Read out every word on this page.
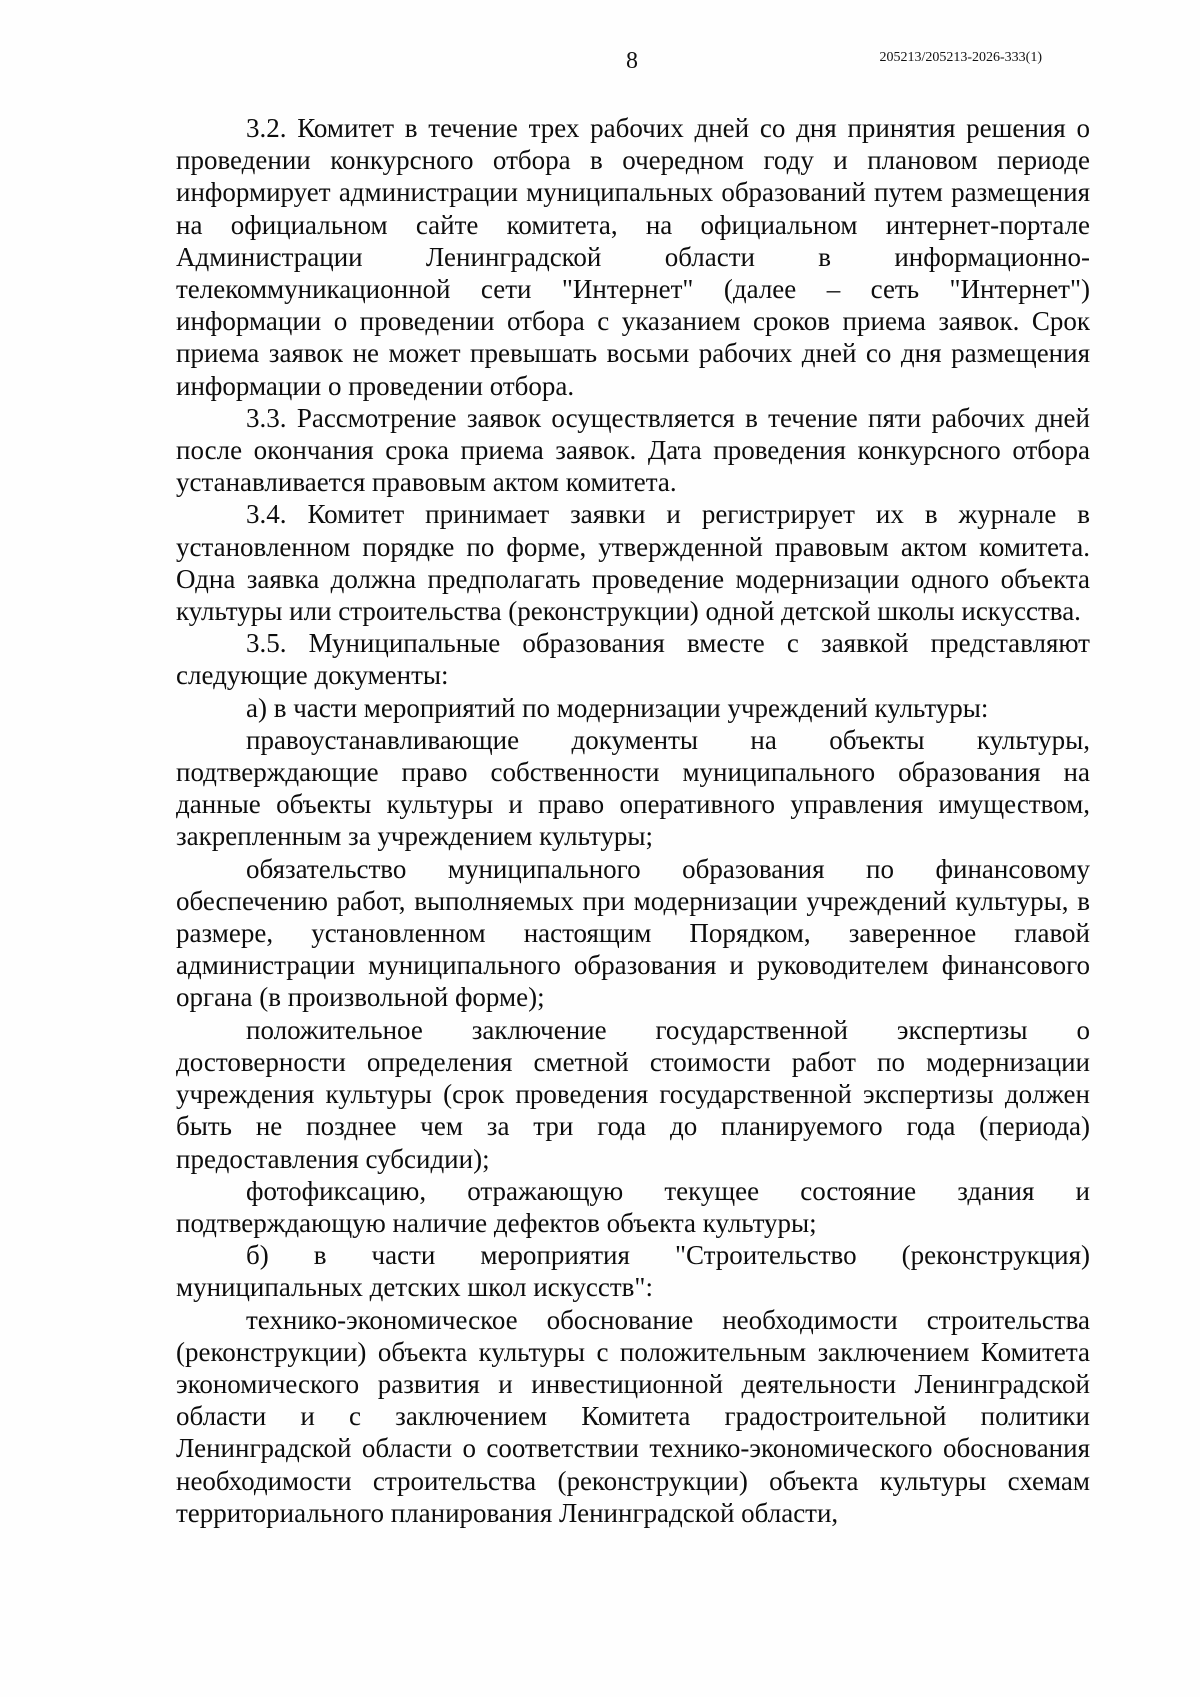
8	205213/205213-2026-333(1)

3.2. Комитет в течение трех рабочих дней со дня принятия решения о проведении конкурсного отбора в очередном году и плановом периоде информирует администрации муниципальных образований путем размещения на официальном сайте комитета, на официальном интернет-портале Администрации Ленинградской области в информационно-телекоммуникационной сети "Интернет" (далее – сеть "Интернет") информации о проведении отбора с указанием сроков приема заявок. Срок приема заявок не может превышать восьми рабочих дней со дня размещения информации о проведении отбора.

3.3. Рассмотрение заявок осуществляется в течение пяти рабочих дней после окончания срока приема заявок. Дата проведения конкурсного отбора устанавливается правовым актом комитета.

3.4. Комитет принимает заявки и регистрирует их в журнале в установленном порядке по форме, утвержденной правовым актом комитета. Одна заявка должна предполагать проведение модернизации одного объекта культуры или строительства (реконструкции) одной детской школы искусства.

3.5. Муниципальные образования вместе с заявкой представляют следующие документы:

а) в части мероприятий по модернизации учреждений культуры:

правоустанавливающие документы на объекты культуры, подтверждающие право собственности муниципального образования на данные объекты культуры и право оперативного управления имуществом, закрепленным за учреждением культуры;

обязательство муниципального образования по финансовому обеспечению работ, выполняемых при модернизации учреждений культуры, в размере, установленном настоящим Порядком, заверенное главой администрации муниципального образования и руководителем финансового органа (в произвольной форме);

положительное заключение государственной экспертизы о достоверности определения сметной стоимости работ по модернизации учреждения культуры (срок проведения государственной экспертизы должен быть не позднее чем за три года до планируемого года (периода) предоставления субсидии);

фотофиксацию, отражающую текущее состояние здания и подтверждающую наличие дефектов объекта культуры;

б) в части мероприятия "Строительство (реконструкция) муниципальных детских школ искусств":

технико-экономическое обоснование необходимости строительства (реконструкции) объекта культуры с положительным заключением Комитета экономического развития и инвестиционной деятельности Ленинградской области и с заключением Комитета градостроительной политики Ленинградской области о соответствии технико-экономического обоснования необходимости строительства (реконструкции) объекта культуры схемам территориального планирования Ленинградской области,
